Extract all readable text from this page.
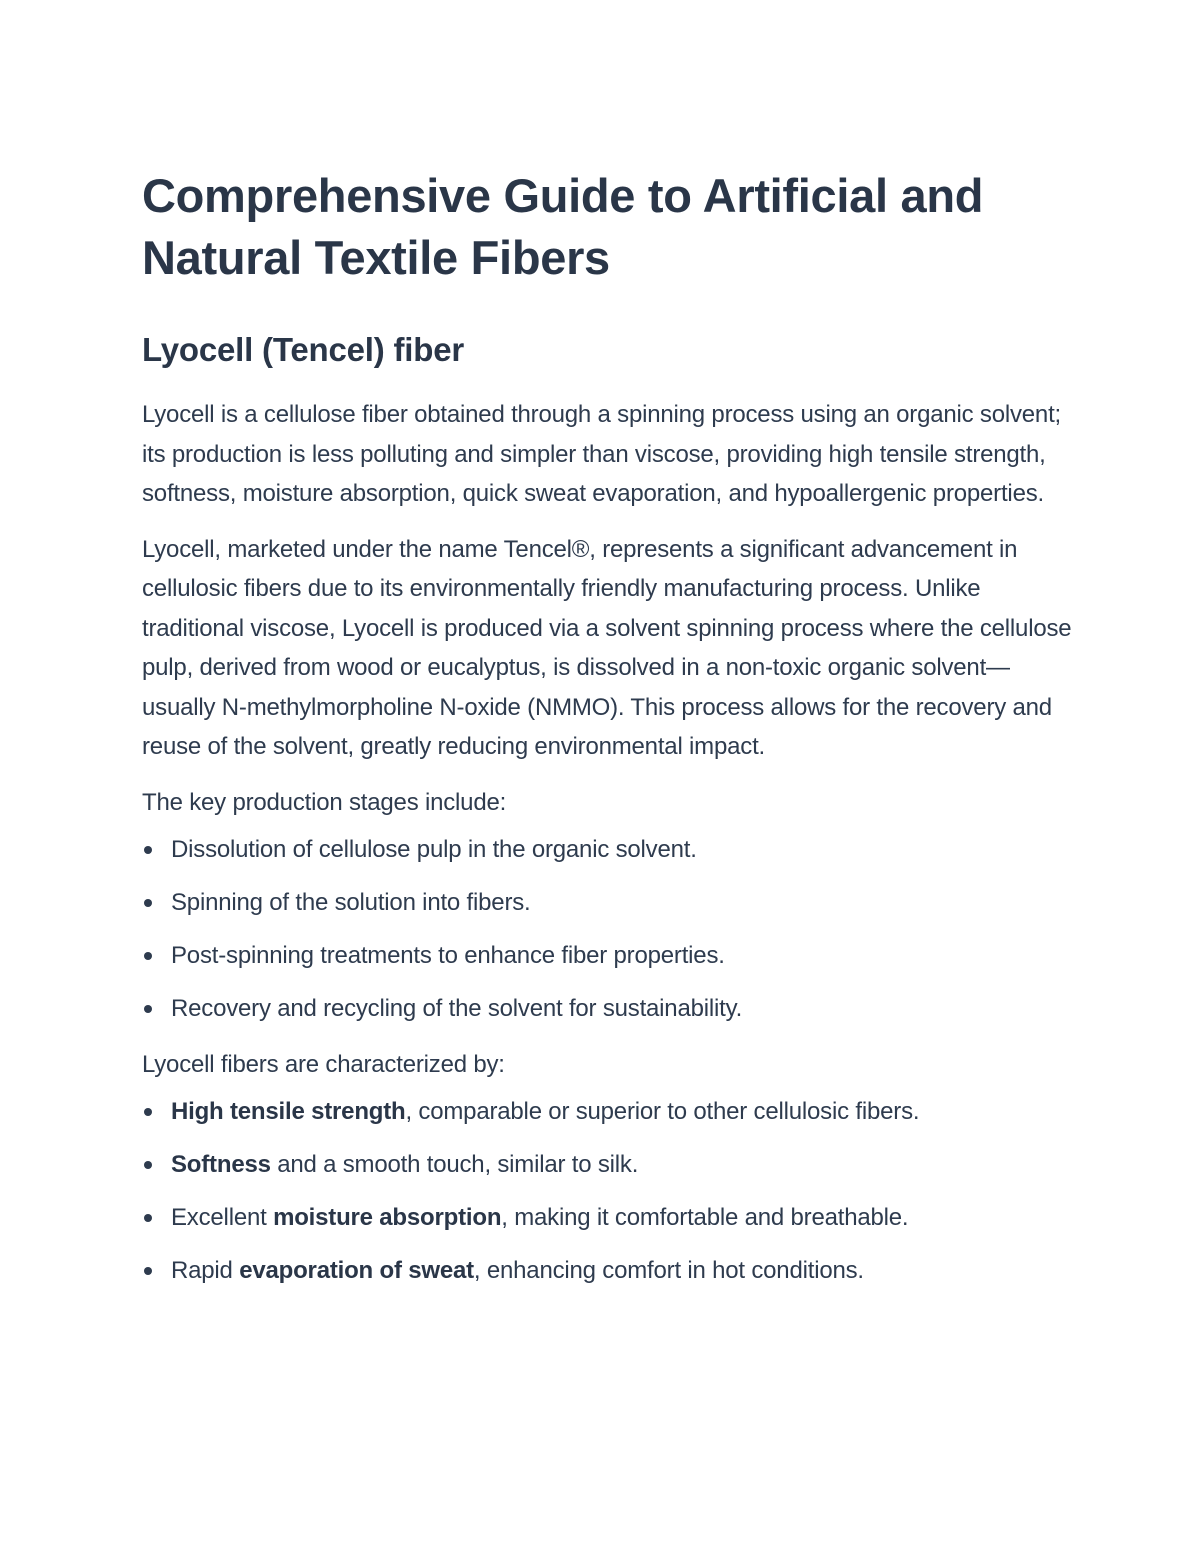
Comprehensive Guide to Artificial and Natural Textile Fibers
Lyocell (Tencel) fiber

Lyocell is a cellulose fiber obtained through a spinning process using an organic solvent; its production is less polluting and simpler than viscose, providing high tensile strength, softness, moisture absorption, quick sweat evaporation, and hypoallergenic properties.

Lyocell, marketed under the name Tencel®, represents a significant advancement in cellulosic fibers due to its environmentally friendly manufacturing process. Unlike traditional viscose, Lyocell is produced via a solvent spinning process where the cellulose pulp, derived from wood or eucalyptus, is dissolved in a non-toxic organic solvent—usually N-methylmorpholine N-oxide (NMMO). This process allows for the recovery and reuse of the solvent, greatly reducing environmental impact.

The key production stages include:

Dissolution of cellulose pulp in the organic solvent.
Spinning of the solution into fibers.
Post-spinning treatments to enhance fiber properties.
Recovery and recycling of the solvent for sustainability.

Lyocell fibers are characterized by:

High tensile strength, comparable or superior to other cellulosic fibers.
Softness and a smooth touch, similar to silk.
Excellent moisture absorption, making it comfortable and breathable.
Rapid evaporation of sweat, enhancing comfort in hot conditions.
